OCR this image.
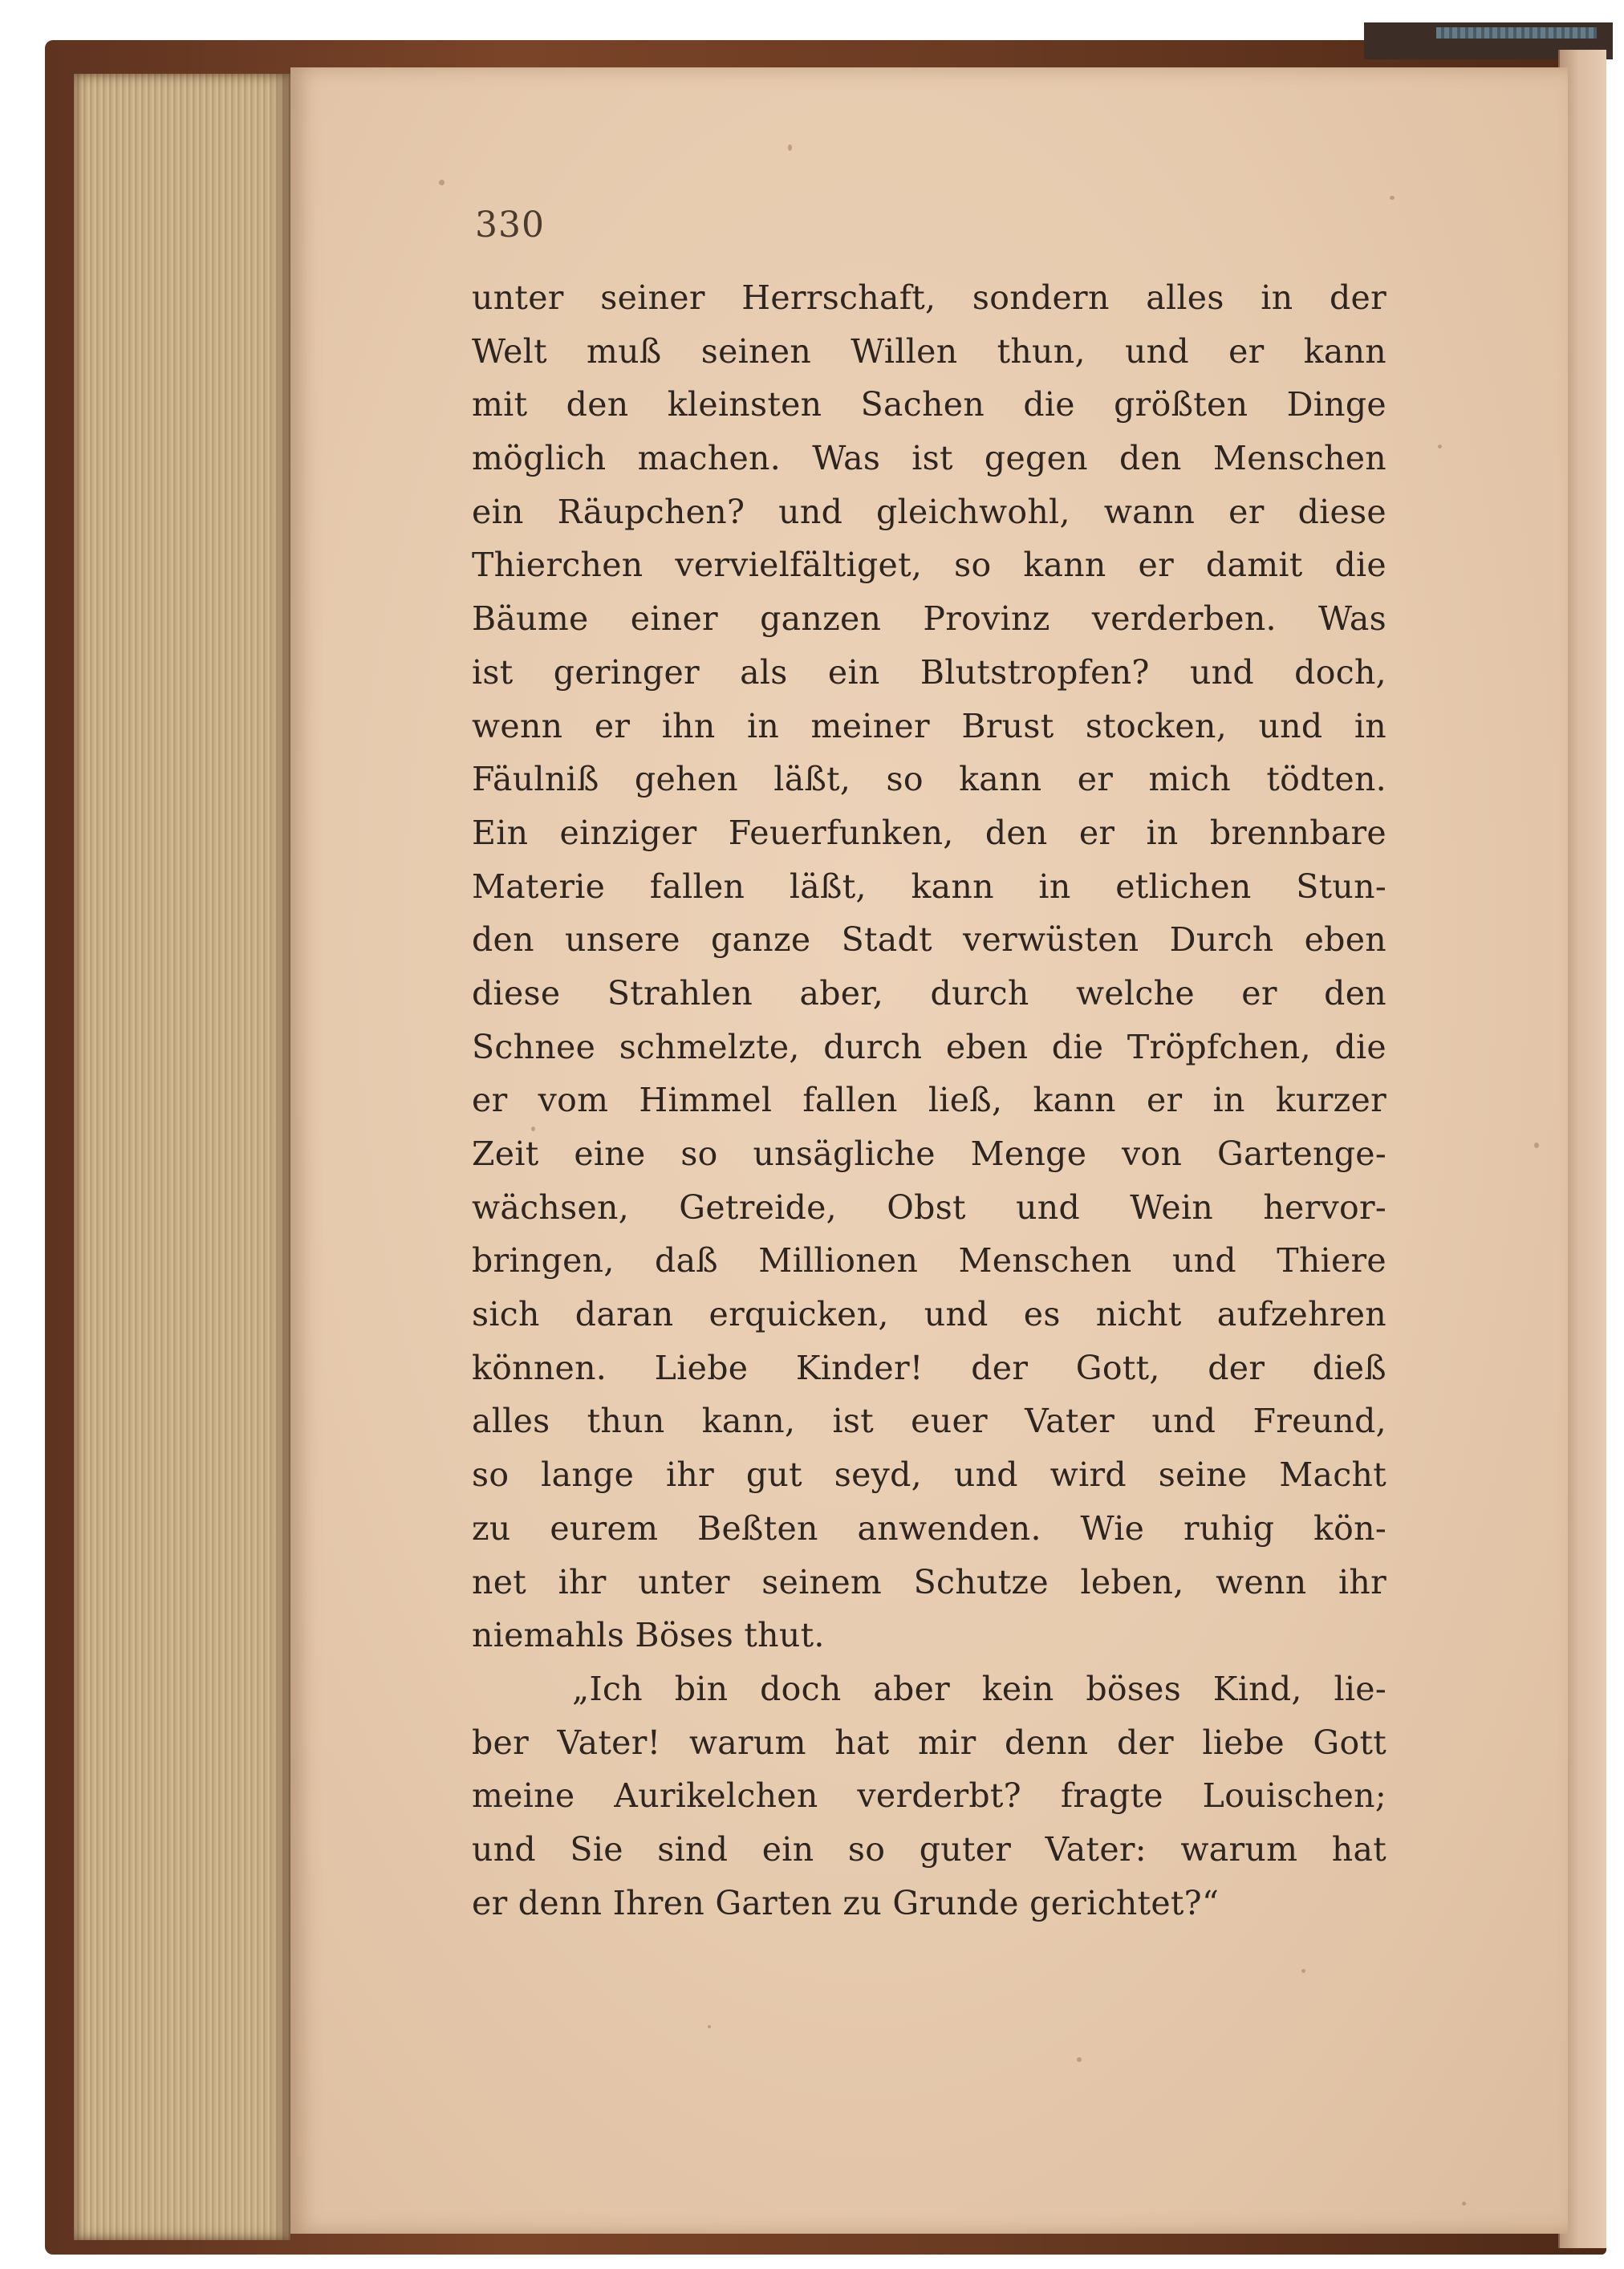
330
unter seiner Herrschaft, sondern alles in der
Welt muß seinen Willen thun, und er kann
mit den kleinsten Sachen die größten Dinge
möglich machen. Was ist gegen den Menschen
ein Räupchen? und gleichwohl, wann er diese
Thierchen vervielfältiget, so kann er damit die
Bäume einer ganzen Provinz verderben. Was
ist geringer als ein Blutstropfen? und doch,
wenn er ihn in meiner Brust stocken, und in
Fäulniß gehen läßt, so kann er mich tödten.
Ein einziger Feuerfunken, den er in brennbare
Materie fallen läßt, kann in etlichen Stun-
den unsere ganze Stadt verwüsten Durch eben
diese Strahlen aber, durch welche er den
Schnee schmelzte, durch eben die Tröpfchen, die
er vom Himmel fallen ließ, kann er in kurzer
Zeit eine so unsägliche Menge von Gartenge-
wächsen, Getreide, Obst und Wein hervor-
bringen, daß Millionen Menschen und Thiere
sich daran erquicken, und es nicht aufzehren
können. Liebe Kinder! der Gott, der dieß
alles thun kann, ist euer Vater und Freund,
so lange ihr gut seyd, und wird seine Macht
zu eurem Beßten anwenden. Wie ruhig kön-
net ihr unter seinem Schutze leben, wenn ihr
niemahls Böses thut.
„Ich bin doch aber kein böses Kind, lie-
ber Vater! warum hat mir denn der liebe Gott
meine Aurikelchen verderbt? fragte Louischen;
und Sie sind ein so guter Vater: warum hat
er denn Ihren Garten zu Grunde gerichtet?“
